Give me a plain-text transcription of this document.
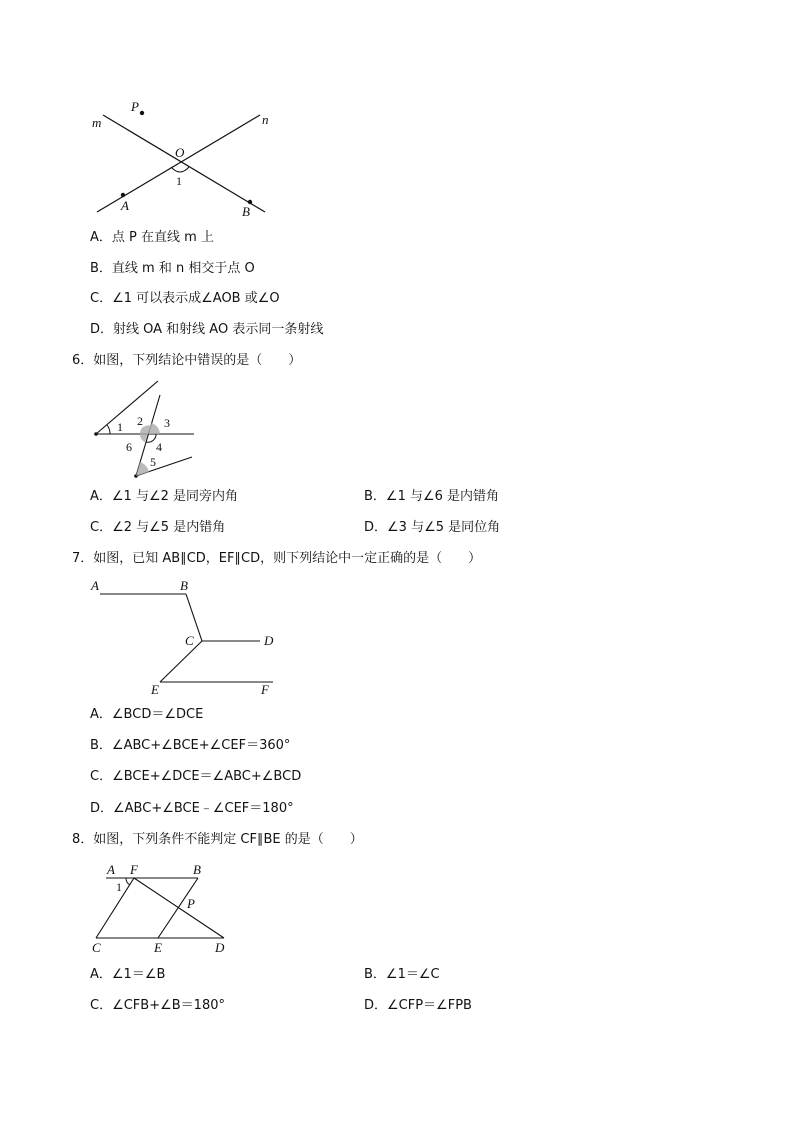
m	n
P
O
1
A	B
A．点 P 在直线 m 上
B．直线 m 和 n 相交于点 O
C．∠1 可以表示成∠AOB 或∠O
D．射线 OA 和射线 AO 表示同一条射线
6．如图，下列结论中错误的是（　　）
1 2 3
4
5
6
A．∠1 与∠2 是同旁内角	B．∠1 与∠6 是内错角
C．∠2 与∠5 是内错角	D．∠3 与∠5 是同位角
7．如图，已知 AB∥CD，EF∥CD，则下列结论中一定正确的是（　　）
A	B
C	D
E	F
A．∠BCD＝∠DCE
B．∠ABC+∠BCE+∠CEF＝360°
C．∠BCE+∠DCE＝∠ABC+∠BCD
D．∠ABC+∠BCE﹣∠CEF＝180°
8．如图，下列条件不能判定 CF∥BE 的是（　　）
A F	B
1
P
C	E	D
A．∠1＝∠B	B．∠1＝∠C
C．∠CFB+∠B＝180°	D．∠CFP＝∠FPB
